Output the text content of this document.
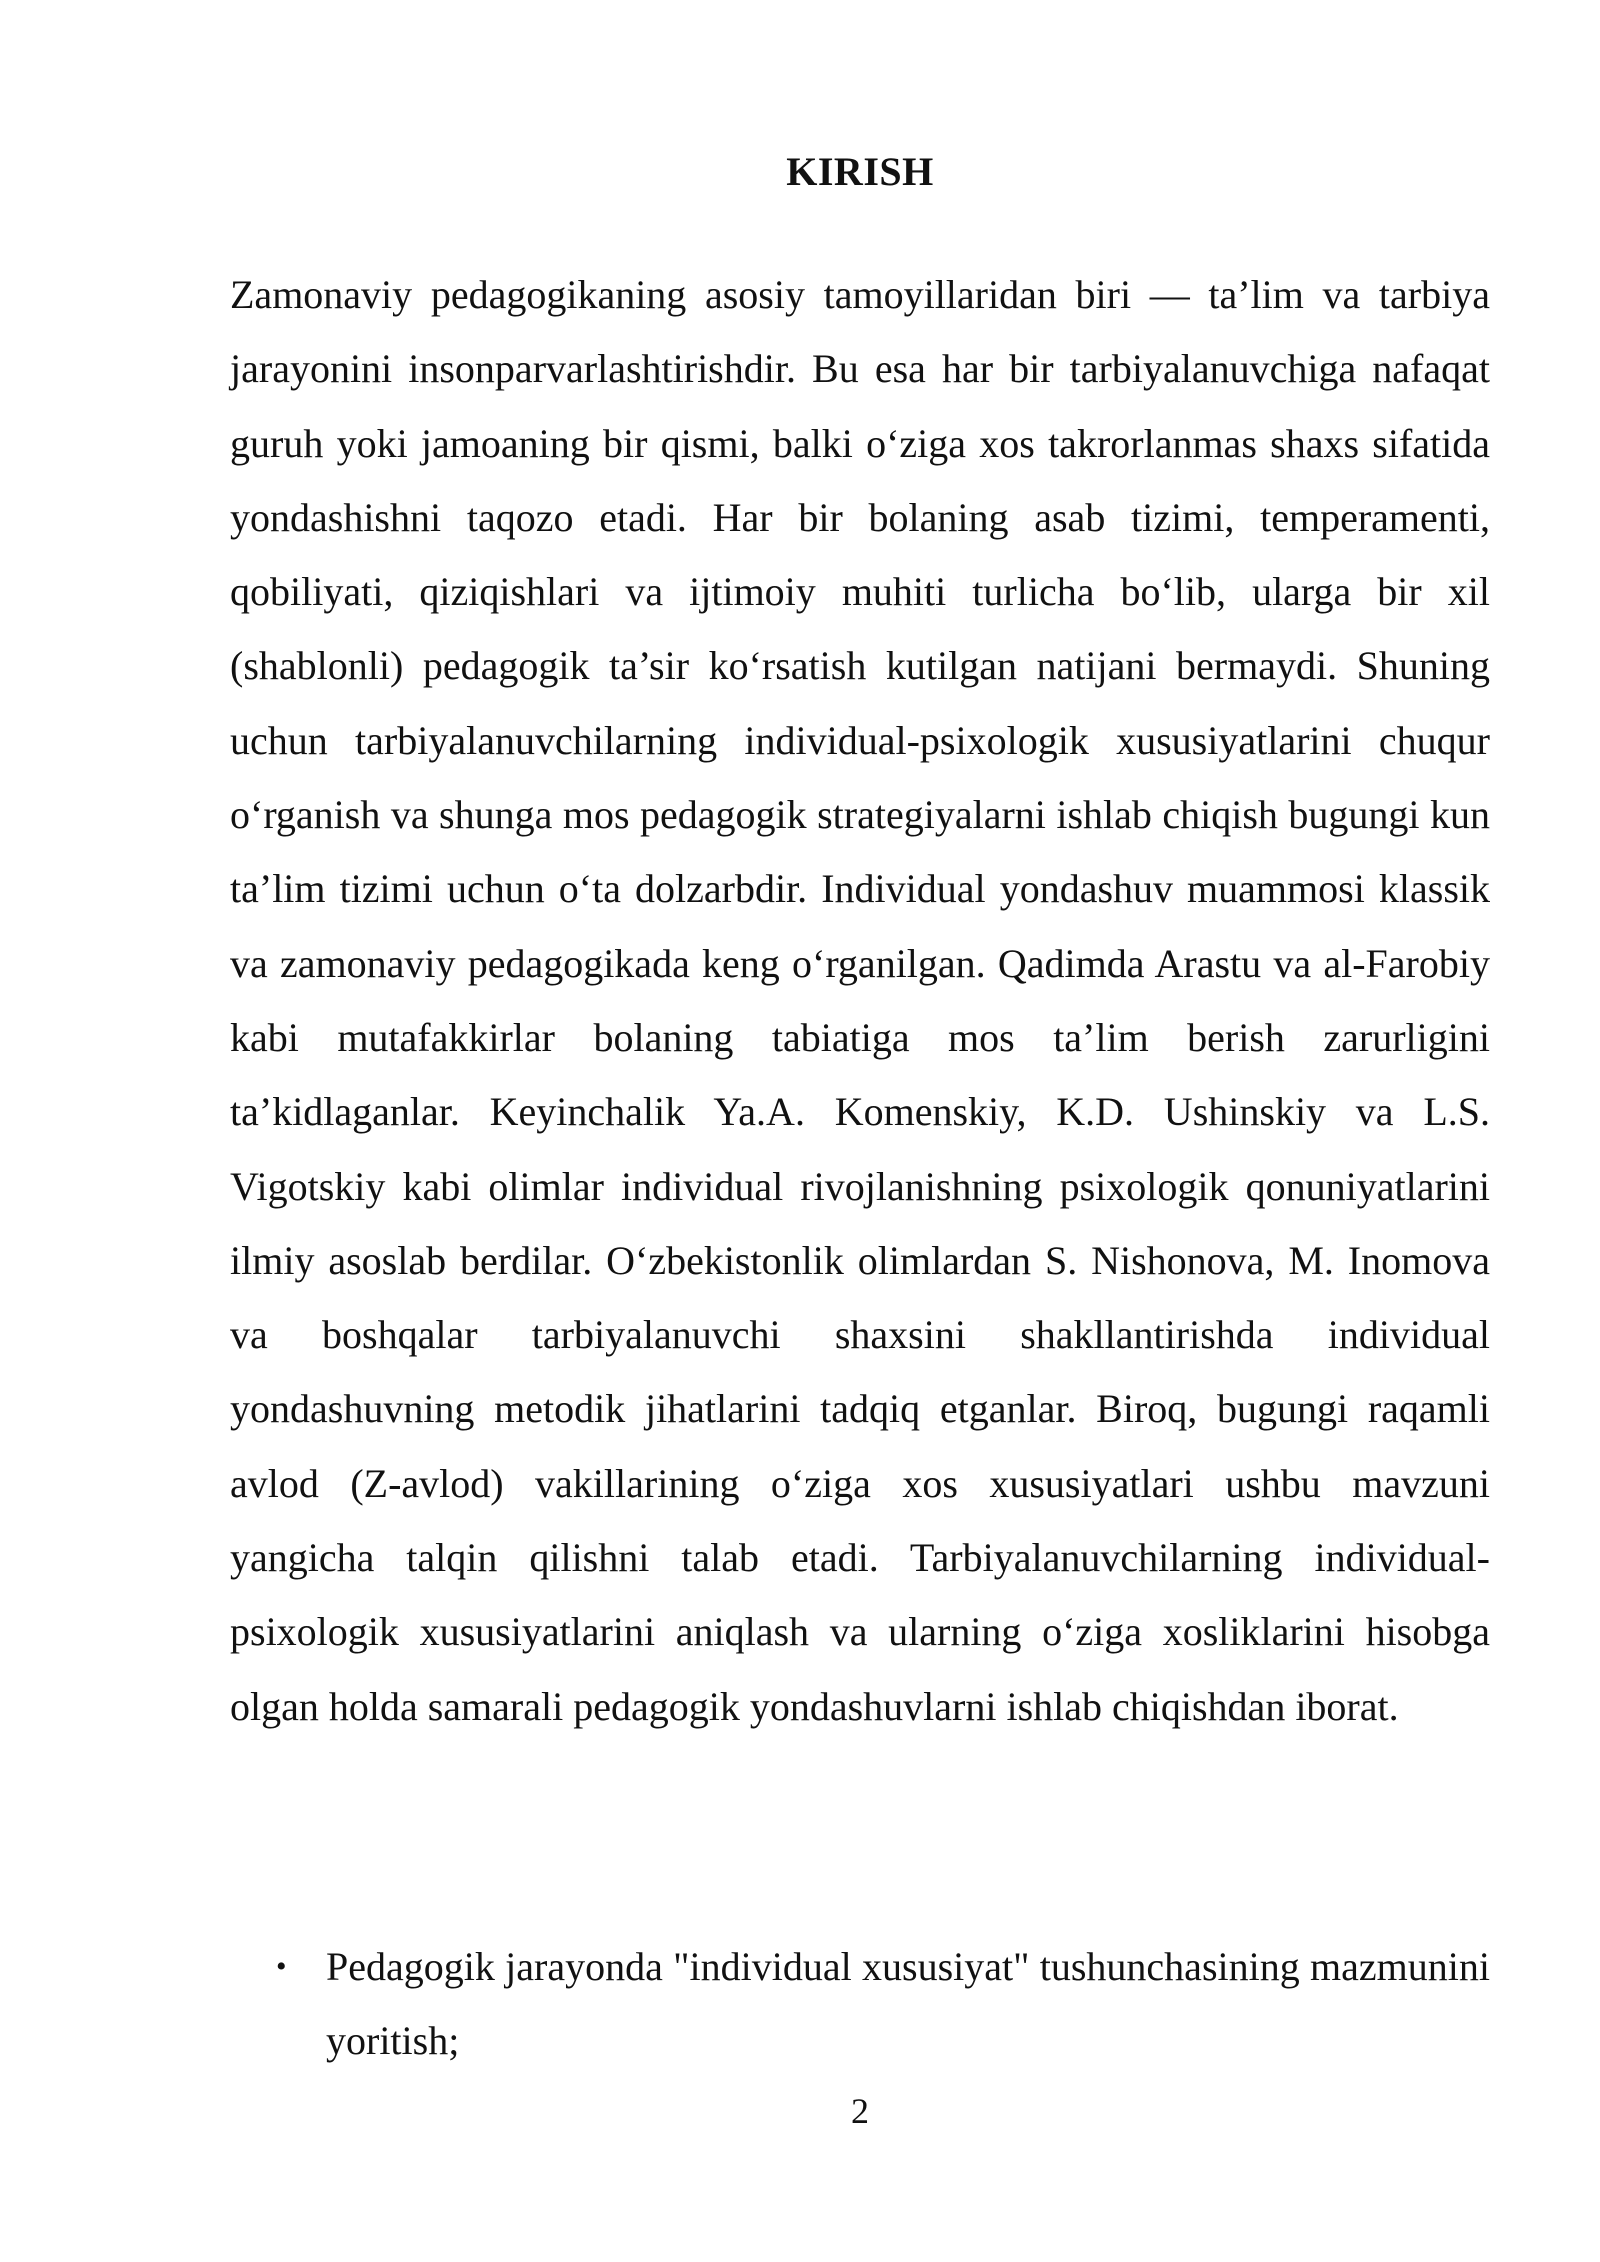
KIRISH

Zamonaviy pedagogikaning asosiy tamoyillaridan biri — ta’lim va tarbiya jarayonini insonparvarlashtirishdir. Bu esa har bir tarbiyalanuvchiga nafaqat guruh yoki jamoaning bir qismi, balki o‘ziga xos takrorlanmas shaxs sifatida yondashishni taqozo etadi. Har bir bolaning asab tizimi, temperamenti, qobiliyati, qiziqishlari va ijtimoiy muhiti turlicha bo‘lib, ularga bir xil (shablonli) pedagogik ta’sir ko‘rsatish kutilgan natijani bermaydi. Shuning uchun tarbiyalanuvchilarning individual-psixologik xususiyatlarini chuqur o‘rganish va shunga mos pedagogik strategiyalarni ishlab chiqish bugungi kun ta’lim tizimi uchun o‘ta dolzarbdir. Individual yondashuv muammosi klassik va zamonaviy pedagogikada keng o‘rganilgan. Qadimda Arastu va al-Farobiy kabi mutafakkirlar bolaning tabiatiga mos ta’lim berish zarurligini ta’kidlaganlar. Keyinchalik Ya.A. Komenskiy, K.D. Ushinskiy va L.S. Vigotskiy kabi olimlar individual rivojlanishning psixologik qonuniyatlarini ilmiy asoslab berdilar. O‘zbekistonlik olimlardan S. Nishonova, M. Inomova va boshqalar tarbiyalanuvchi shaxsini shakllantirishda individual yondashuvning metodik jihatlarini tadqiq etganlar. Biroq, bugungi raqamli avlod (Z-avlod) vakillarining o‘ziga xos xususiyatlari ushbu mavzuni yangicha talqin qilishni talab etadi. Tarbiyalanuvchilarning individual-psixologik xususiyatlarini aniqlash va ularning o‘ziga xosliklarini hisobga olgan holda samarali pedagogik yondashuvlarni ishlab chiqishdan iborat.

• Pedagogik jarayonda "individual xususiyat" tushunchasining mazmunini yoritish;
2
